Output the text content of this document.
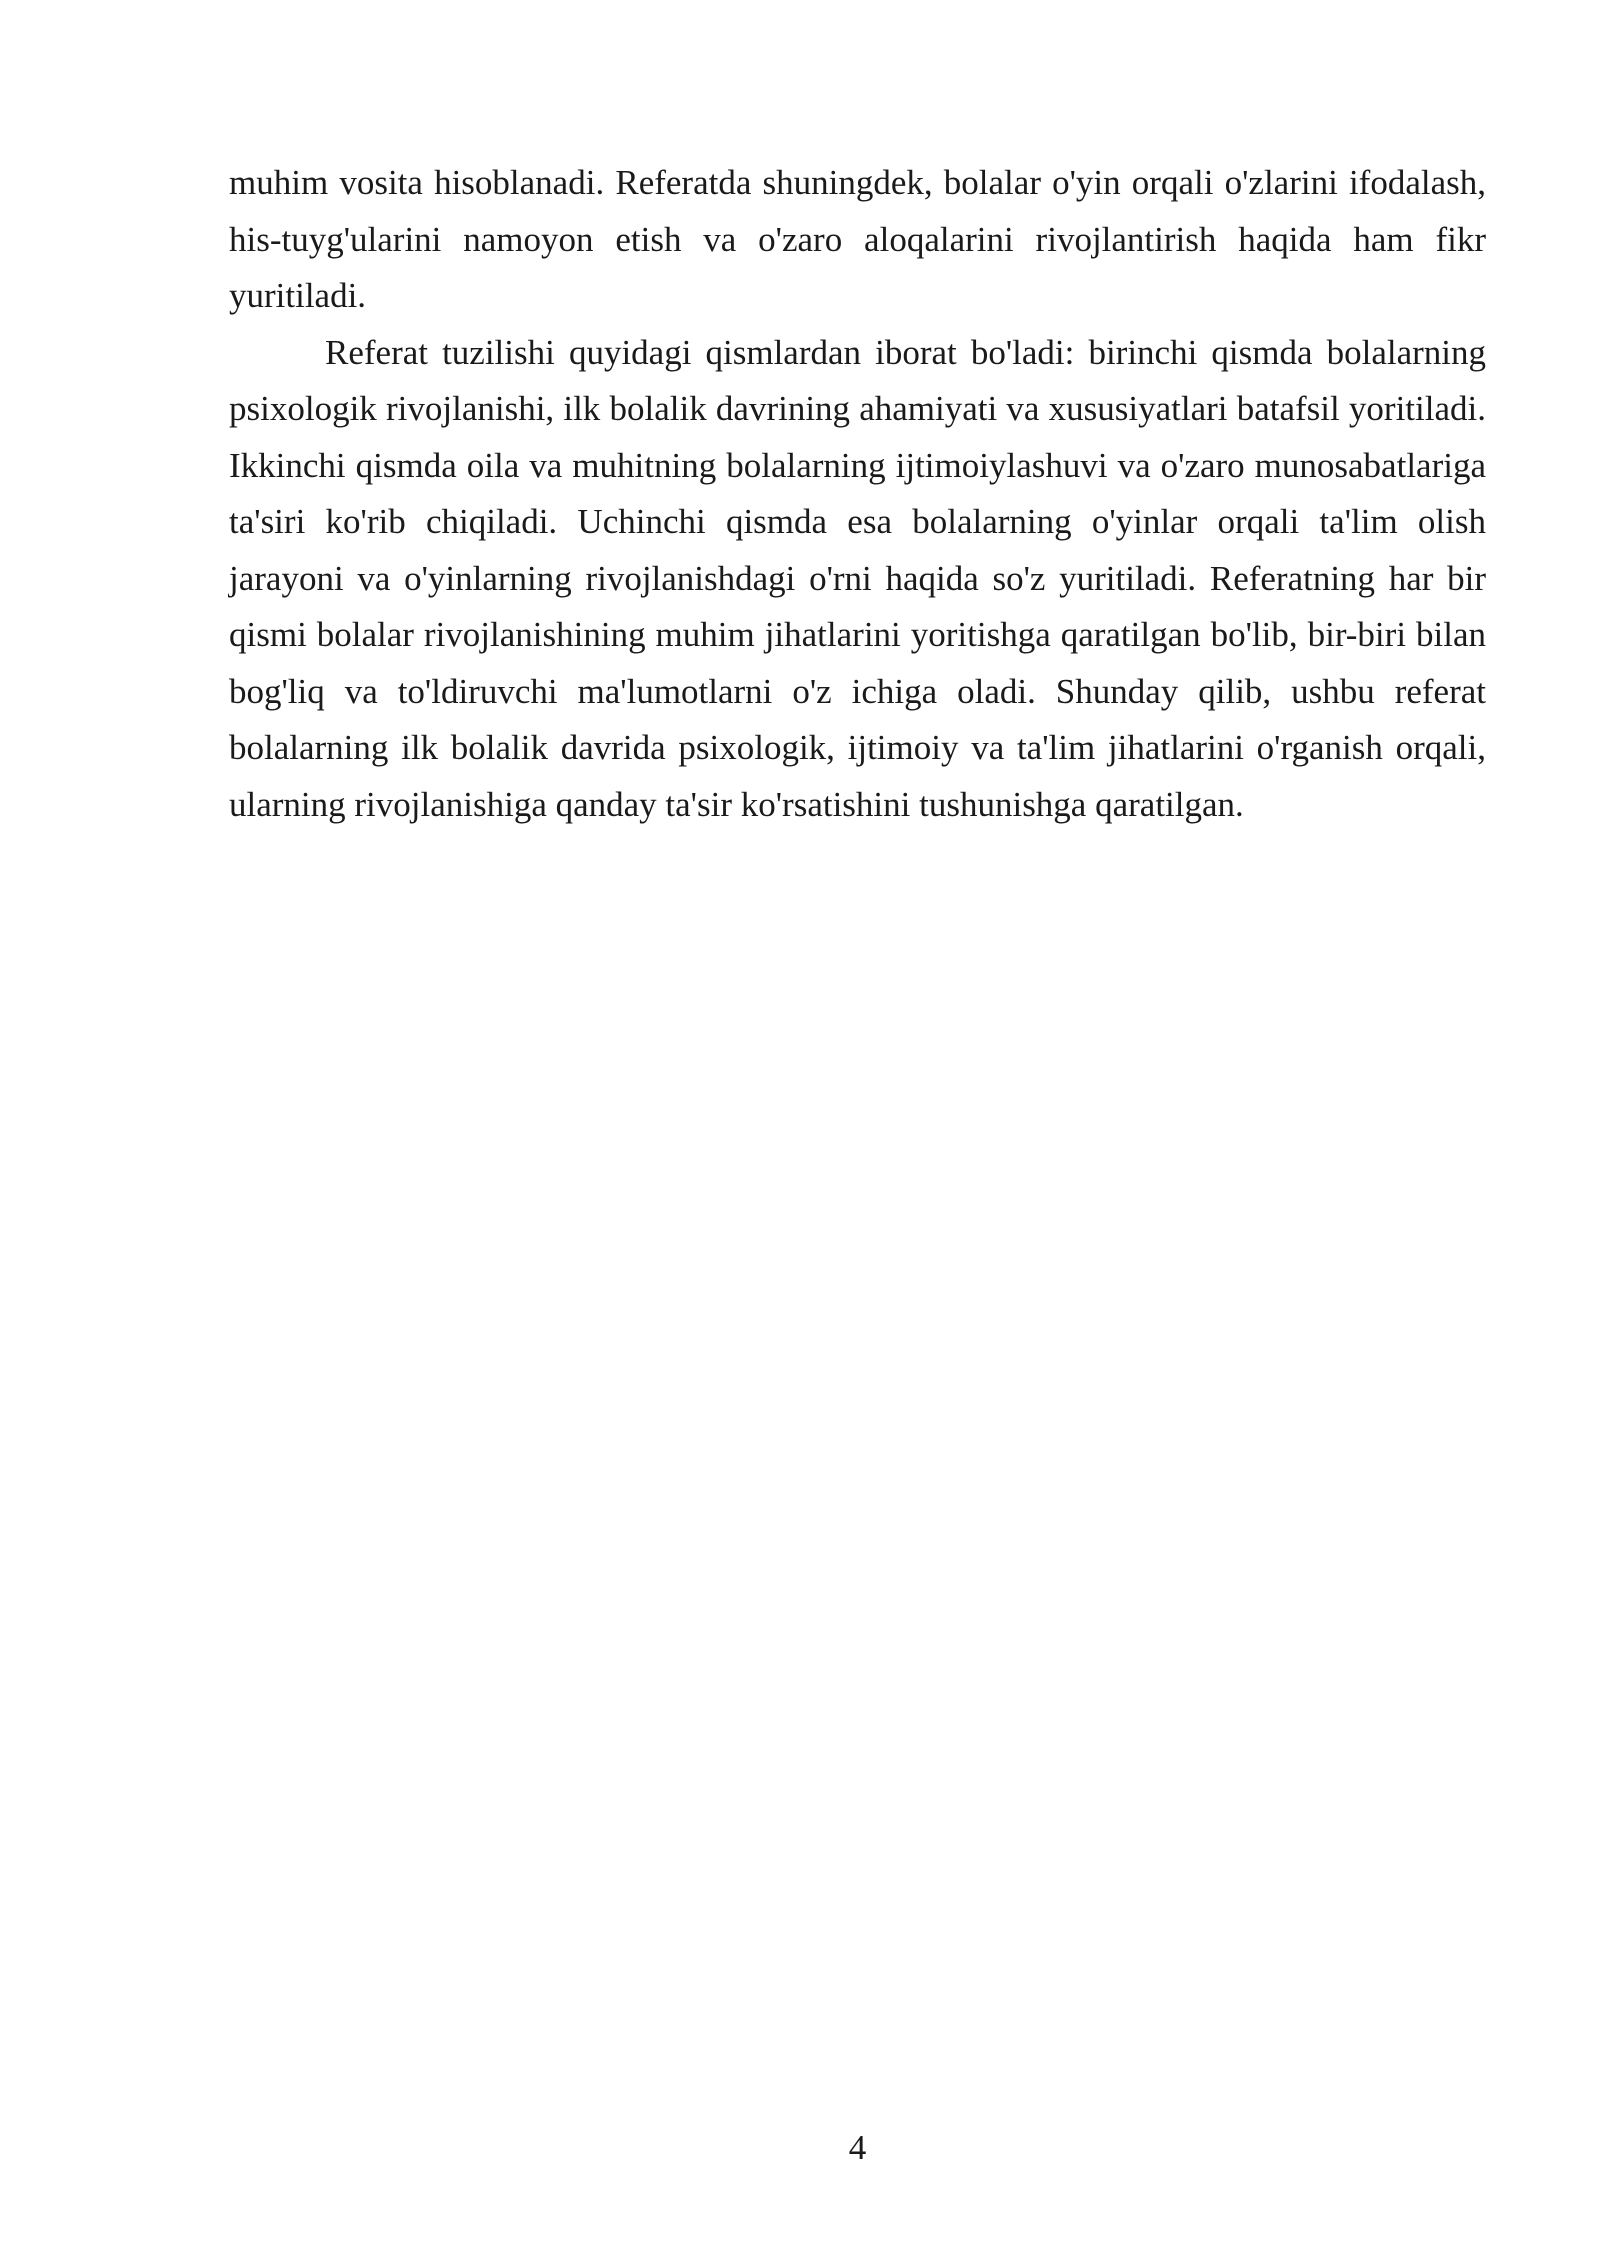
muhim vosita hisoblanadi. Referatda shuningdek, bolalar o'yin orqali o'zlarini ifodalash, his-tuyg'ularini namoyon etish va o'zaro aloqalarini rivojlantirish haqida ham fikr yuritiladi.

Referat tuzilishi quyidagi qismlardan iborat bo'ladi: birinchi qismda bolalarning psixologik rivojlanishi, ilk bolalik davrining ahamiyati va xususiyatlari batafsil yoritiladi. Ikkinchi qismda oila va muhitning bolalarning ijtimoiylashuvi va o'zaro munosabatlariga ta'siri ko'rib chiqiladi. Uchinchi qismda esa bolalarning o'yinlar orqali ta'lim olish jarayoni va o'yinlarning rivojlanishdagi o'rni haqida so'z yuritiladi. Referatning har bir qismi bolalar rivojlanishining muhim jihatlarini yoritishga qaratilgan bo'lib, bir-biri bilan bog'liq va to'ldiruvchi ma'lumotlarni o'z ichiga oladi. Shunday qilib, ushbu referat bolalarning ilk bolalik davrida psixologik, ijtimoiy va ta'lim jihatlarini o'rganish orqali, ularning rivojlanishiga qanday ta'sir ko'rsatishini tushunishga qaratilgan.

4
